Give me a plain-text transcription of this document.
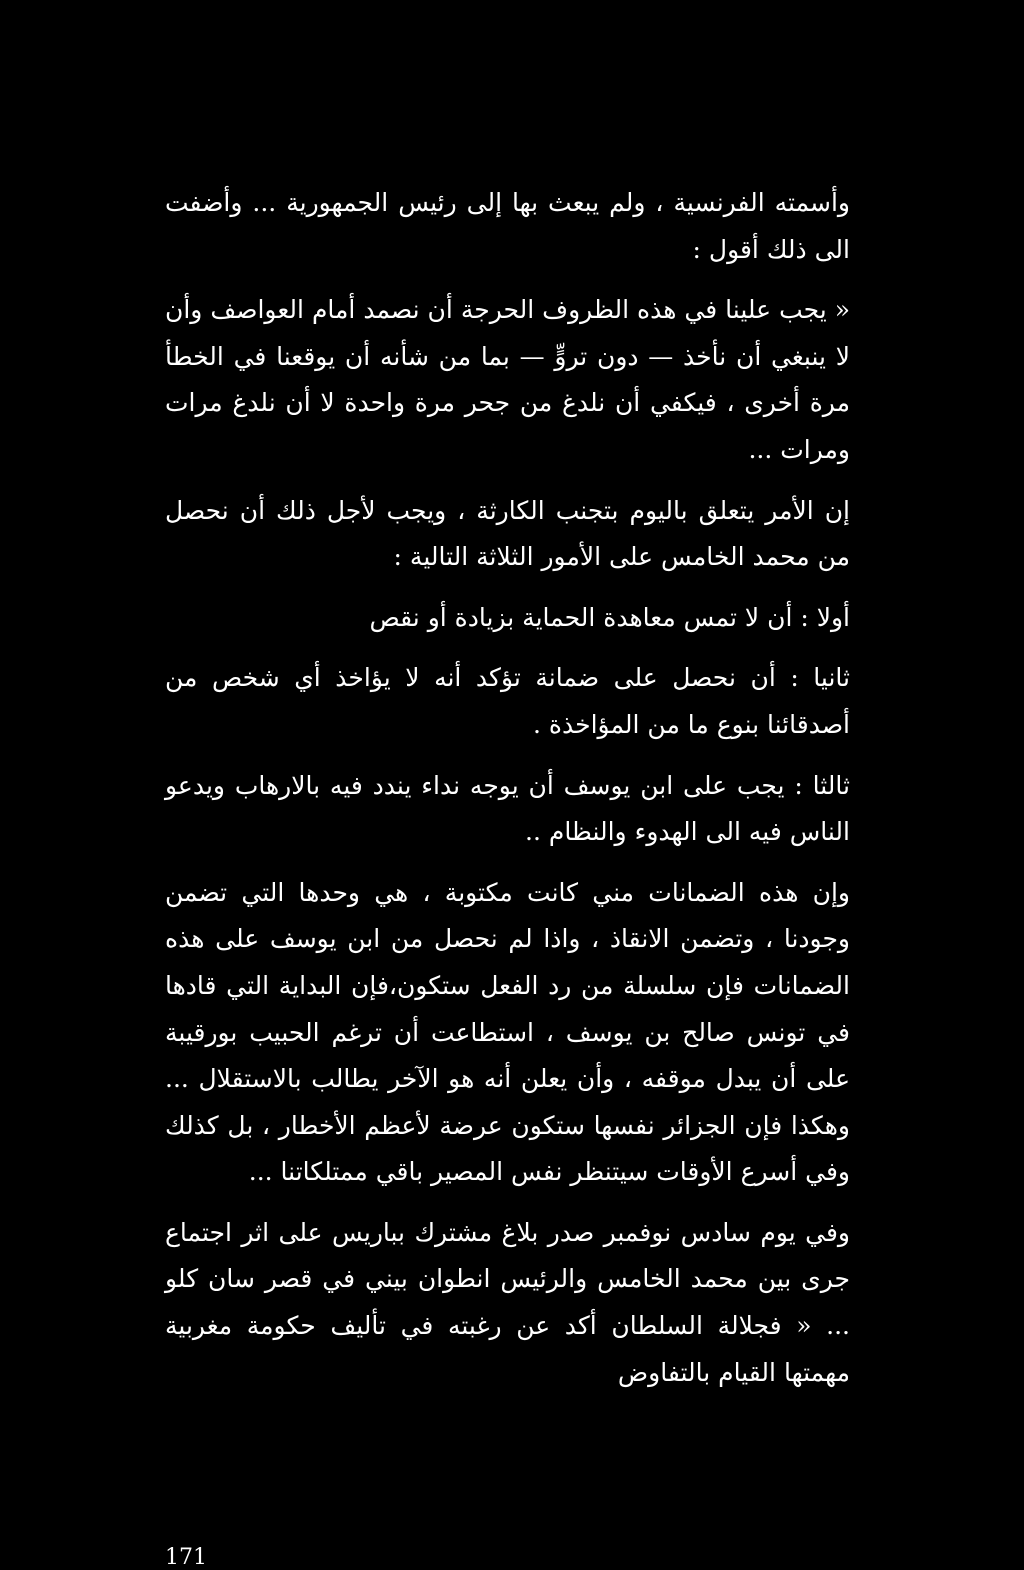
وأسمته الفرنسية ، ولم يبعث بها إلى رئيس الجمهورية ... وأضفت الى ذلك أقول :

« يجب علينا في هذه الظروف الحرجة أن نصمد أمام العواصف وأن لا ينبغي أن نأخذ — دون تروٍّ — بما من شأنه أن يوقعنا في الخطأ مرة أخرى ، فيكفي أن نلدغ من جحر مرة واحدة لا أن نلدغ مرات ومرات ...

إن الأمر يتعلق باليوم بتجنب الكارثة ، ويجب لأجل ذلك أن نحصل من محمد الخامس على الأمور الثلاثة التالية :

أولا : أن لا تمس معاهدة الحماية بزيادة أو نقص

ثانيا : أن نحصل على ضمانة تؤكد أنه لا يؤاخذ أي شخص من أصدقائنا بنوع ما من المؤاخذة .

ثالثا : يجب على ابن يوسف أن يوجه نداء يندد فيه بالارهاب ويدعو الناس فيه الى الهدوء والنظام ..

وإن هذه الضمانات مني كانت مكتوبة ، هي وحدها التي تضمن وجودنا ، وتضمن الانقاذ ، واذا لم نحصل من ابن يوسف على هذه الضمانات فإن سلسلة من رد الفعل ستكون،فإن البداية التي قادها في تونس صالح بن يوسف ، استطاعت أن ترغم الحبيب بورقيبة على أن يبدل موقفه ، وأن يعلن أنه هو الآخر يطالب بالاستقلال ... وهكذا فإن الجزائر نفسها ستكون عرضة لأعظم الأخطار ، بل كذلك وفي أسرع الأوقات سيتنظر نفس المصير باقي ممتلكاتنا ...

وفي يوم سادس نوفمبر صدر بلاغ مشترك بباريس على اثر اجتماع جرى بين محمد الخامس والرئيس انطوان بيني في قصر سان كلو ... « فجلالة السلطان أكد عن رغبته في تأليف حكومة مغربية مهمتها القيام بالتفاوض

171
